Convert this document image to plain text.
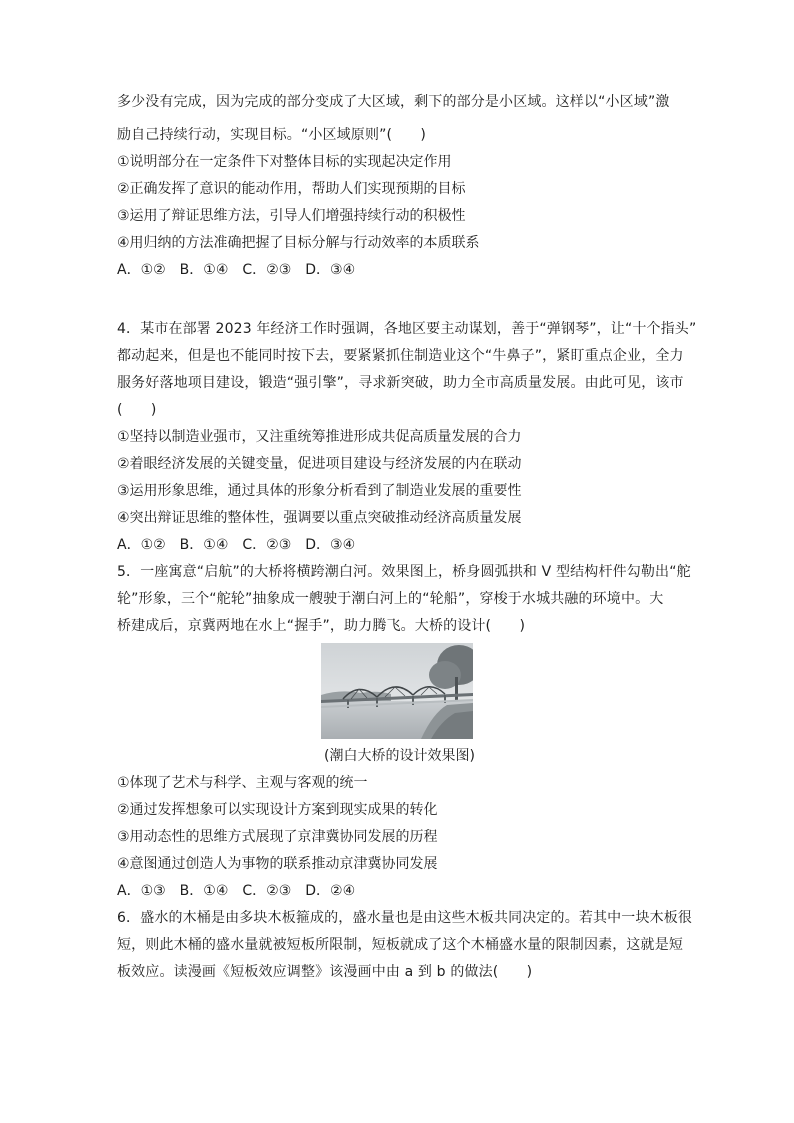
多少没有完成，因为完成的部分变成了大区域，剩下的部分是小区域。这样以“小区域”激
励自己持续行动，实现目标。“小区域原则”(　　)
①说明部分在一定条件下对整体目标的实现起决定作用
②正确发挥了意识的能动作用，帮助人们实现预期的目标
③运用了辩证思维方法，引导人们增强持续行动的积极性
④用归纳的方法准确把握了目标分解与行动效率的本质联系
A．①②　B．①④　C．②③　D．③④
4．某市在部署 2023 年经济工作时强调，各地区要主动谋划，善于“弹钢琴”，让“十个指头”
都动起来，但是也不能同时按下去，要紧紧抓住制造业这个“牛鼻子”，紧盯重点企业，全力
服务好落地项目建设，锻造“强引擎”，寻求新突破，助力全市高质量发展。由此可见，该市
(　　)
①坚持以制造业强市，又注重统筹推进形成共促高质量发展的合力
②着眼经济发展的关键变量，促进项目建设与经济发展的内在联动
③运用形象思维，通过具体的形象分析看到了制造业发展的重要性
④突出辩证思维的整体性，强调要以重点突破推动经济高质量发展
A．①②　B．①④　C．②③　D．③④
5．一座寓意“启航”的大桥将横跨潮白河。效果图上，桥身圆弧拱和 V 型结构杆件勾勒出“舵
轮”形象，三个“舵轮”抽象成一艘驶于潮白河上的“轮船”，穿梭于水城共融的环境中。大
桥建成后，京冀两地在水上“握手”，助力腾飞。大桥的设计(　　)
(潮白大桥的设计效果图)
①体现了艺术与科学、主观与客观的统一
②通过发挥想象可以实现设计方案到现实成果的转化
③用动态性的思维方式展现了京津冀协同发展的历程
④意图通过创造人为事物的联系推动京津冀协同发展
A．①③　B．①④　C．②③　D．②④
6．盛水的木桶是由多块木板箍成的，盛水量也是由这些木板共同决定的。若其中一块木板很
短，则此木桶的盛水量就被短板所限制，短板就成了这个木桶盛水量的限制因素，这就是短
板效应。读漫画《短板效应调整》该漫画中由 a 到 b 的做法(　　)
